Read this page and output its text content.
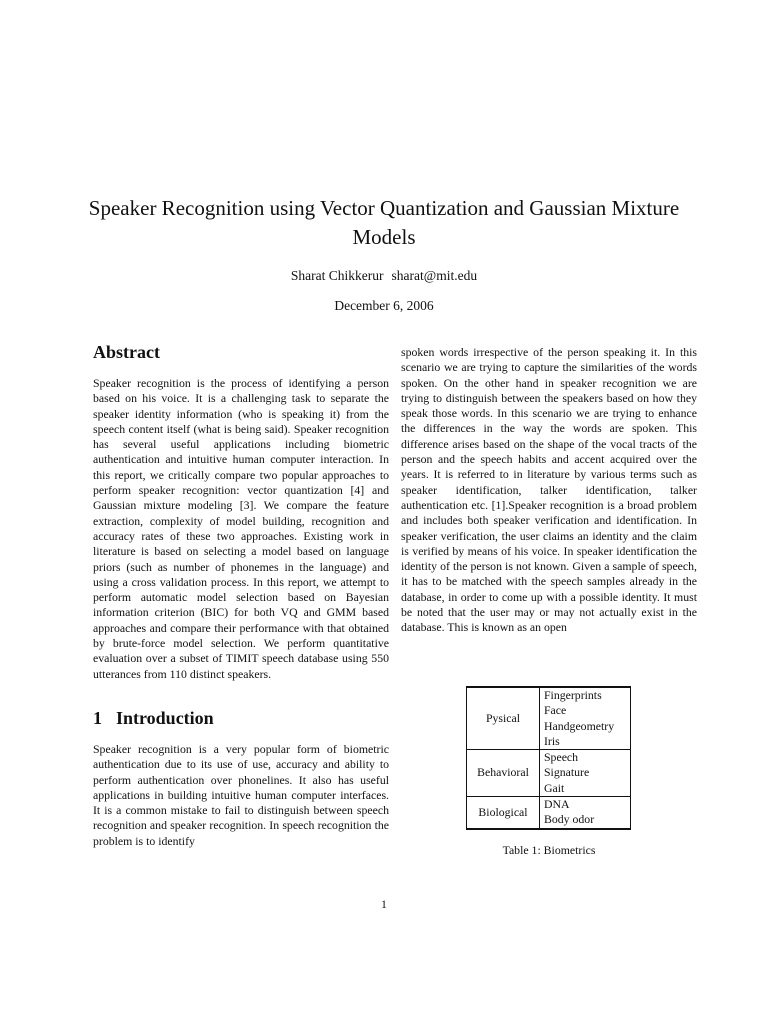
Speaker Recognition using Vector Quantization and Gaussian Mixture Models
Sharat Chikkerur sharat@mit.edu
December 6, 2006
Abstract

Speaker recognition is the process of identifying a person based on his voice. It is a challenging task to separate the speaker identity information (who is speaking it) from the speech content itself (what is being said). Speaker recognition has several useful applications including biometric authentication and intuitive human computer interaction. In this report, we critically compare two popular approaches to perform speaker recognition: vector quantization [4] and Gaussian mixture modeling [3]. We compare the feature extraction, complexity of model building, recognition and accuracy rates of these two approaches. Existing work in literature is based on selecting a model based on language priors (such as number of phonemes in the language) and using a cross validation process. In this report, we attempt to perform automatic model selection based on Bayesian information criterion (BIC) for both VQ and GMM based approaches and compare their performance with that obtained by brute-force model selection. We perform quantitative evaluation over a subset of TIMIT speech database using 550 utterances from 110 distinct speakers.

1 Introduction

Speaker recognition is a very popular form of biometric authentication due to its use of use, accuracy and ability to perform authentication over phonelines. It also has useful applications in building intuitive human computer interfaces. It is a common mistake to fail to distinguish between speech recognition and speaker recognition. In speech recognition the problem is to identify

spoken words irrespective of the person speaking it. In this scenario we are trying to capture the similarities of the words spoken. On the other hand in speaker recognition we are trying to distinguish between the speakers based on how they speak those words. In this scenario we are trying to enhance the differences in the way the words are spoken. This difference arises based on the shape of the vocal tracts of the person and the speech habits and accent acquired over the years. It is referred to in literature by various terms such as speaker identification, talker identification, talker authentication etc. [1].Speaker recognition is a broad problem and includes both speaker verification and identification. In speaker verification, the user claims an identity and the claim is verified by means of his voice. In speaker identification the identity of the person is not known. Given a sample of speech, it has to be matched with the speech samples already in the database, in order to come up with a possible identity. It must be noted that the user may or may not actually exist in the database. This is known as an open

Pysical	Fingerprints
Face
Handgeometry
Iris

Behavioral	Speech
Signature
Gait

Biological	DNA
Body odor
Table 1: Biometrics
1
